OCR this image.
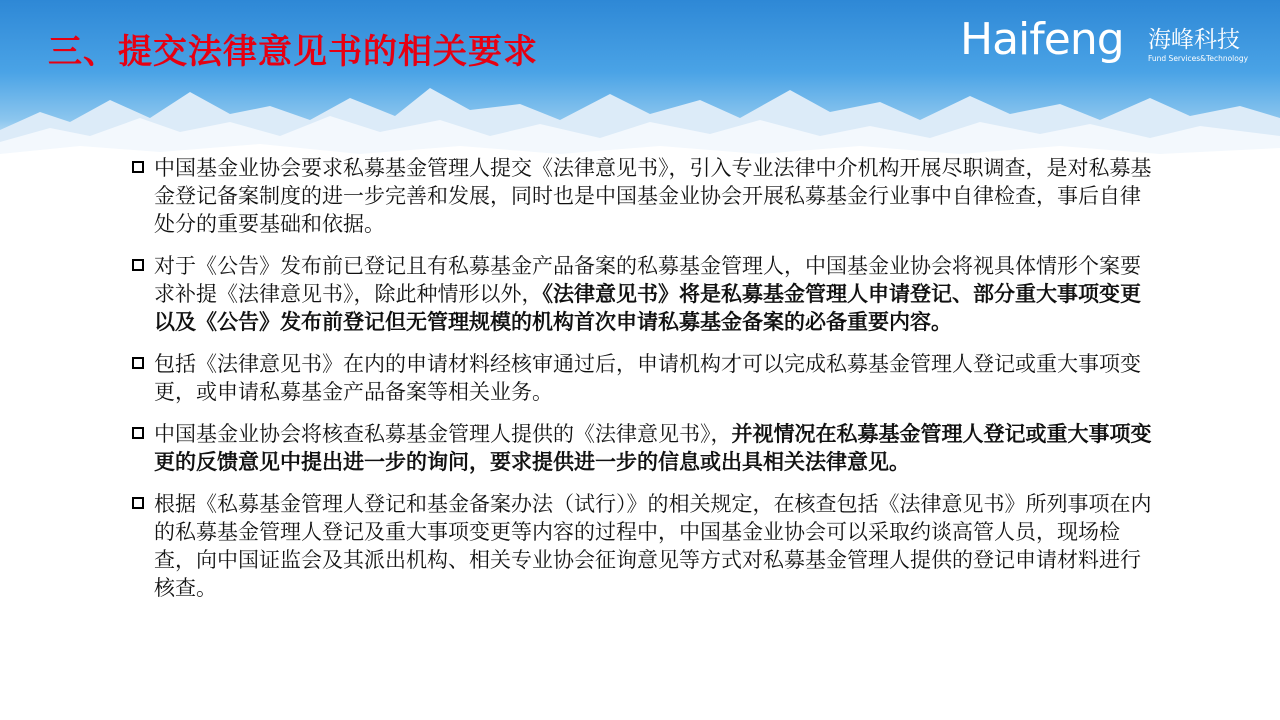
三、提交法律意见书的相关要求	Haifeng 海峰科技
Fund Services&Technology
中国基金业协会要求私募基金管理人提交《法律意见书》，引入专业法律中介机构开展尽职调查，是对私募基金登记备案制度的进一步完善和发展，同时也是中国基金业协会开展私募基金行业事中自律检查，事后自律处分的重要基础和依据。
对于《公告》发布前已登记且有私募基金产品备案的私募基金管理人，中国基金业协会将视具体情形个案要求补提《法律意见书》，除此种情形以外，《法律意见书》将是私募基金管理人申请登记、部分重大事项变更以及《公告》发布前登记但无管理规模的机构首次申请私募基金备案的必备重要内容。
包括《法律意见书》在内的申请材料经核审通过后，申请机构才可以完成私募基金管理人登记或重大事项变更，或申请私募基金产品备案等相关业务。
中国基金业协会将核查私募基金管理人提供的《法律意见书》，并视情况在私募基金管理人登记或重大事项变更的反馈意见中提出进一步的询问，要求提供进一步的信息或出具相关法律意见。
根据《私募基金管理人登记和基金备案办法（试行）》的相关规定，在核查包括《法律意见书》所列事项在内的私募基金管理人登记及重大事项变更等内容的过程中，中国基金业协会可以采取约谈高管人员，现场检查，向中国证监会及其派出机构、相关专业协会征询意见等方式对私募基金管理人提供的登记申请材料进行核查。
